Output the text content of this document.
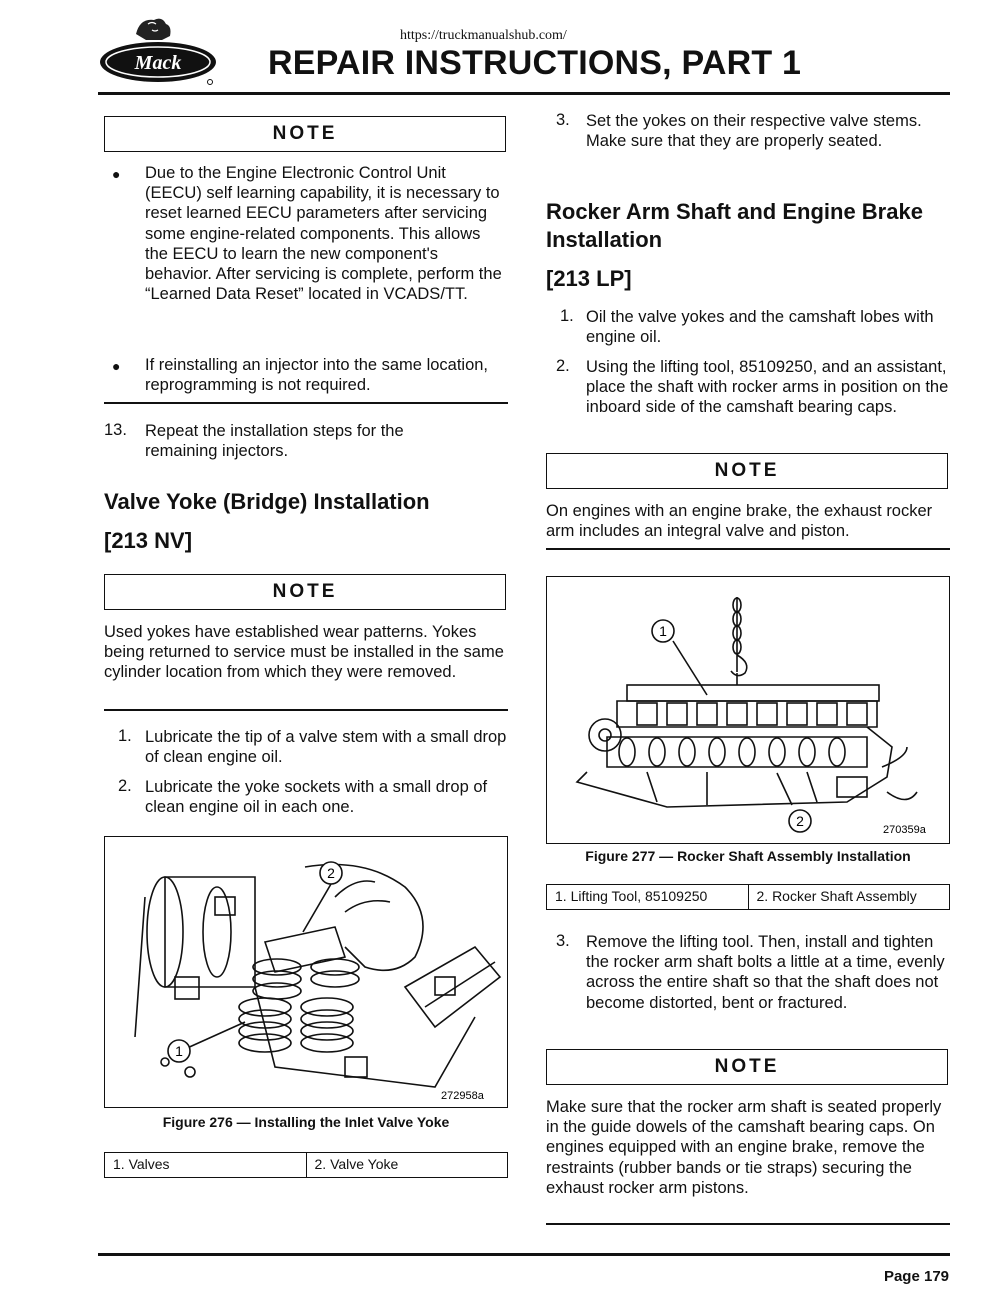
https://truckmanualshub.com/
Mack	REPAIR INSTRUCTIONS, PART 1
NOTE
● Due to the Engine Electronic Control Unit (EECU) self learning capability, it is necessary to reset learned EECU parameters after servicing some engine-related components. This allows the EECU to learn the new component's behavior. After servicing is complete, perform the “Learned Data Reset” located in VCADS/TT.
● If reinstalling an injector into the same location, reprogramming is not required.
13. Repeat the installation steps for the remaining injectors.
Valve Yoke (Bridge) Installation
[213 NV]
NOTE
Used yokes have established wear patterns. Yokes being returned to service must be installed in the same cylinder location from which they were removed.
1. Lubricate the tip of a valve stem with a small drop of clean engine oil.
2. Lubricate the yoke sockets with a small drop of clean engine oil in each one.
2
1
272958a
Figure 276 — Installing the Inlet Valve Yoke
1. Valves	2. Valve Yoke
3. Set the yokes on their respective valve stems. Make sure that they are properly seated.
Rocker Arm Shaft and Engine Brake Installation
[213 LP]
1. Oil the valve yokes and the camshaft lobes with engine oil.
2. Using the lifting tool, 85109250, and an assistant, place the shaft with rocker arms in position on the inboard side of the camshaft bearing caps.
NOTE
On engines with an engine brake, the exhaust rocker arm includes an integral valve and piston.
1
2
270359a
Figure 277 — Rocker Shaft Assembly Installation
1. Lifting Tool, 85109250	2. Rocker Shaft Assembly
3. Remove the lifting tool. Then, install and tighten the rocker arm shaft bolts a little at a time, evenly across the entire shaft so that the shaft does not become distorted, bent or fractured.
NOTE
Make sure that the rocker arm shaft is seated properly in the guide dowels of the camshaft bearing caps. On engines equipped with an engine brake, remove the restraints (rubber bands or tie straps) securing the exhaust rocker arm pistons.
Page 179
